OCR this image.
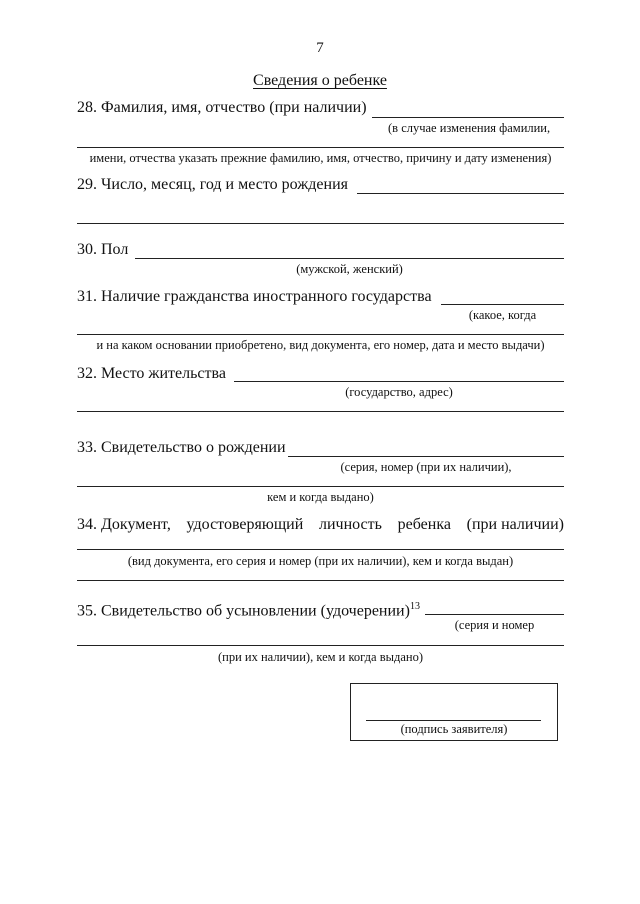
7
Сведения о ребенке
28. Фамилия, имя, отчество (при наличии)
(в случае изменения фамилии,
имени, отчества указать прежние фамилию, имя, отчество, причину и дату изменения)
29. Число, месяц, год и место рождения
30. Пол
(мужской, женский)
31. Наличие гражданства иностранного государства
(какое, когда
и на каком основании приобретено, вид документа, его номер, дата и место выдачи)
32. Место жительства
(государство, адрес)
33. Свидетельство о рождении
(серия, номер (при их наличии),
кем и когда выдано)
34. Документ, удостоверяющий личность ребенка (при наличии)
(вид документа, его серия и номер (при их наличии), кем и когда выдан)
35. Свидетельство об усыновлении (удочерении)$^{13}$
(серия и номер
(при их наличии), кем и когда выдано)
(подпись заявителя)
